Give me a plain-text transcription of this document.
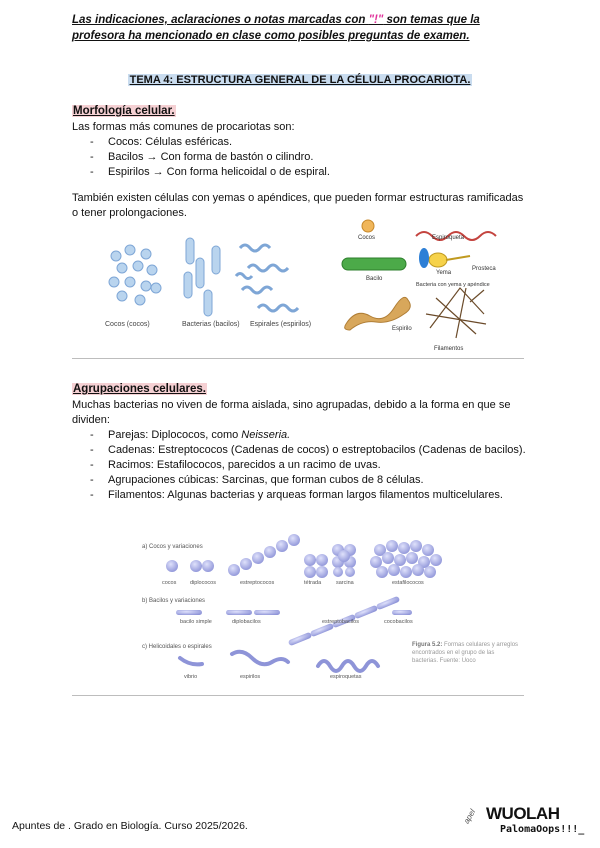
Las indicaciones, aclaraciones o notas marcadas con "!" son temas que la profesora ha mencionado en clase como posibles preguntas de examen.
TEMA 4: ESTRUCTURA GENERAL DE LA CÉLULA PROCARIOTA.
Morfología celular.
Las formas más comunes de procariotas son:
- Cocos: Células esféricas.
- Bacilos → Con forma de bastón o cilindro.
- Espirilos → Con forma helicoidal o de espiral.
También existen células con yemas o apéndices, que pueden formar estructuras ramificadas o tener prolongaciones.
Cocos (cocos)	Bacterias (bacilos) Espirales (espirilos)
Cocos	Espiroqueta
Bacilo
Espirilo
Yema
Prosteca
Bacteria con yema y apéndice
Filamentos
Agrupaciones celulares.
Muchas bacterias no viven de forma aislada, sino agrupadas, debido a la forma en que se dividen:
- Parejas: Diplococos, como Neisseria.
- Cadenas: Estreptococos (Cadenas de cocos) o estreptobacilos (Cadenas de bacilos).
- Racimos: Estafilococos, parecidos a un racimo de uvas.
- Agrupaciones cúbicas: Sarcinas, que forman cubos de 8 células.
- Filamentos: Algunas bacterias y arqueas forman largos filamentos multicelulares.
a) Cocos y variaciones
cocos diplococos	estreptococos	tétrada	sarcina	estafilococos
b) Bacilos y variaciones
bacilo simple	diplobacilos	estreptobacilos	cocobacilos
c) Helicoidales o espirales
vibrio	espirilos	espiroquetas
Figura 5.2: Formas celulares y arreglos encontrados en el grupo de las bacterias. Fuente: Uoco
Apuntes de . Grado en Biología. Curso 2025/2026.
apel WUOLAH
PalomaOops!!!_
